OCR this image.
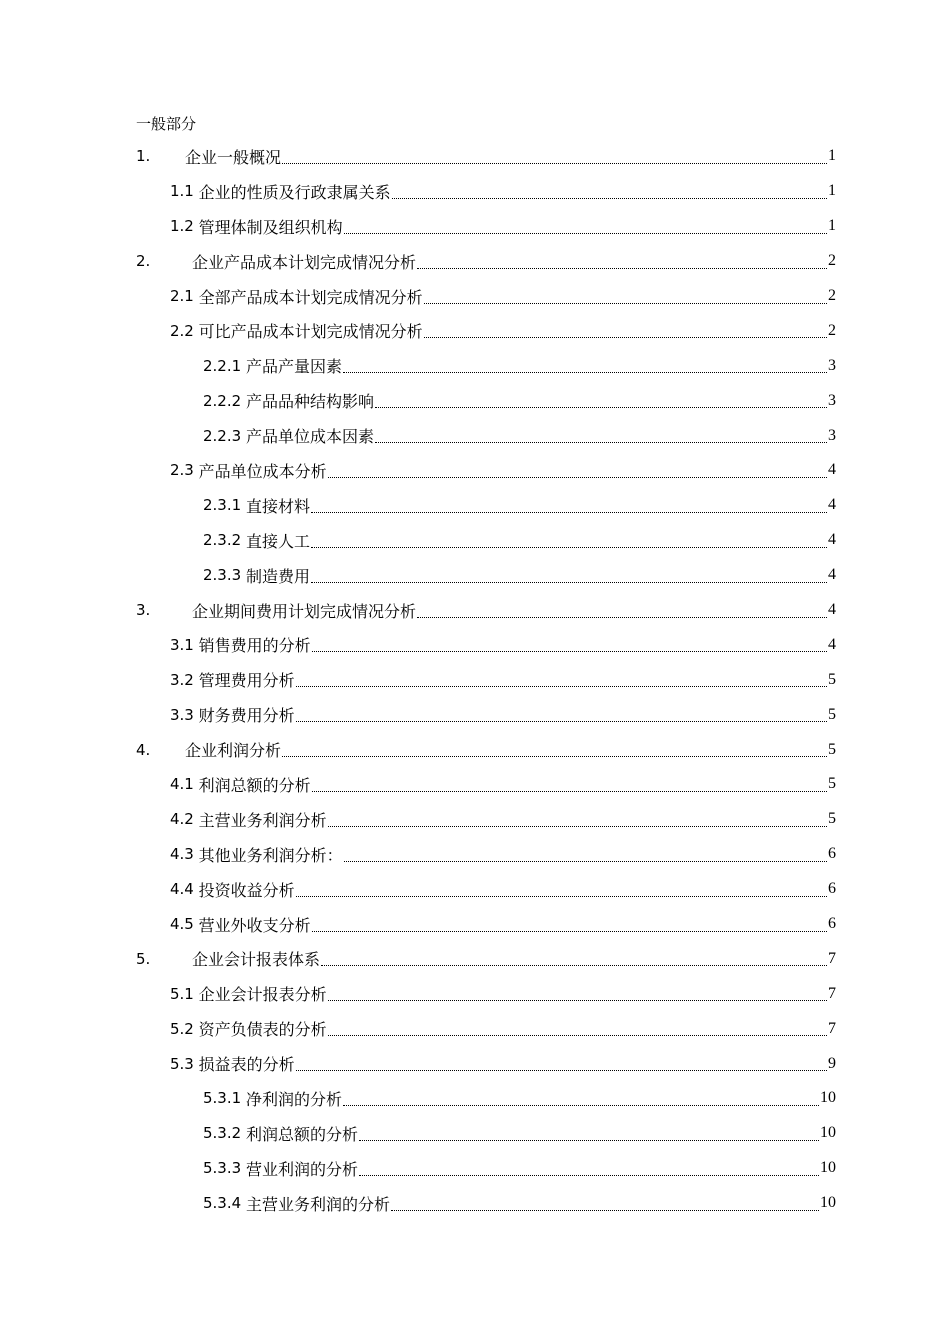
一般部分
1.	企业一般概况	1
1.1 企业的性质及行政隶属关系	1
1.2 管理体制及组织机构	1
2.	企业产品成本计划完成情况分析	2
2.1 全部产品成本计划完成情况分析	2
2.2 可比产品成本计划完成情况分析	2
2.2.1 产品产量因素	3
2.2.2 产品品种结构影响	3
2.2.3 产品单位成本因素	3
2.3 产品单位成本分析	4
2.3.1 直接材料	4
2.3.2 直接人工	4
2.3.3 制造费用	4
3.	企业期间费用计划完成情况分析	4
3.1 销售费用的分析	4
3.2 管理费用分析	5
3.3 财务费用分析	5
4.	企业利润分析	5
4.1 利润总额的分析	5
4.2 主营业务利润分析	5
4.3 其他业务利润分析：	6
4.4 投资收益分析	6
4.5 营业外收支分析	6
5.	企业会计报表体系	7
5.1 企业会计报表分析	7
5.2 资产负债表的分析	7
5.3 损益表的分析	9
5.3.1 净利润的分析	10
5.3.2 利润总额的分析	10
5.3.3 营业利润的分析	10
5.3.4 主营业务利润的分析	10
